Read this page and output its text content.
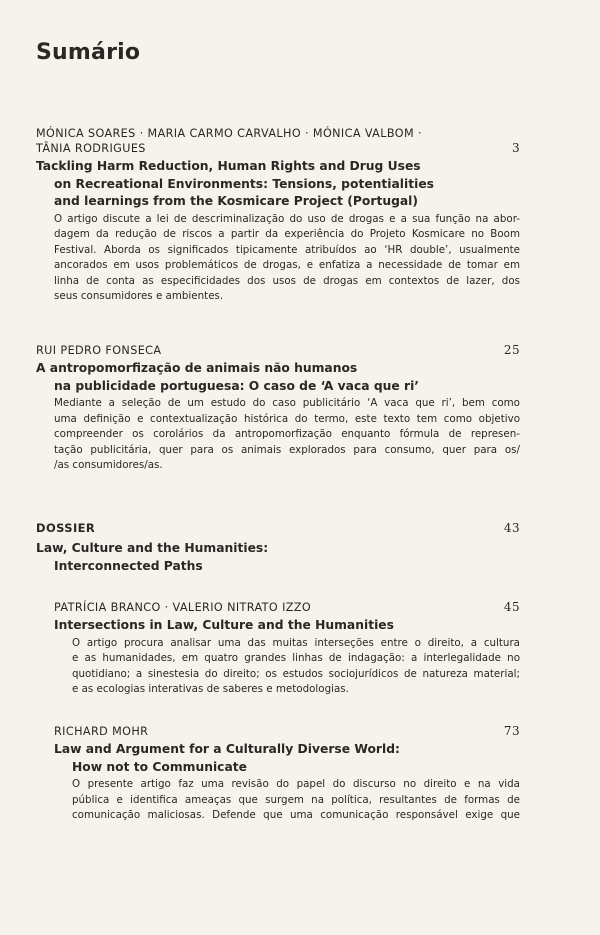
Sumário
MÓNICA SOARES · MARIA CARMO CARVALHO · MÓNICA VALBOM ·
TÂNIA RODRIGUES	3
Tackling Harm Reduction, Human Rights and Drug Uses
on Recreational Environments: Tensions, potentialities
and learnings from the Kosmicare Project (Portugal)
O artigo discute a lei de descriminalização do uso de drogas e a sua função na abor-
dagem da redução de riscos a partir da experiência do Projeto Kosmicare no Boom
Festival. Aborda os significados tipicamente atribuídos ao ‘HR double’, usualmente
ancorados em usos problemáticos de drogas, e enfatiza a necessidade de tomar em
linha de conta as especificidades dos usos de drogas em contextos de lazer, dos
seus consumidores e ambientes.
RUI PEDRO FONSECA	25
A antropomorfização de animais não humanos
na publicidade portuguesa: O caso de ‘A vaca que ri’
Mediante a seleção de um estudo do caso publicitário ‘A vaca que ri’, bem como
uma definição e contextualização histórica do termo, este texto tem como objetivo
compreender os corolários da antropomorfização enquanto fórmula de represen-
tação publicitária, quer para os animais explorados para consumo, quer para os/
/as consumidores/as.
DOSSIER	43
Law, Culture and the Humanities:
Interconnected Paths
PATRÍCIA BRANCO · VALERIO NITRATO IZZO	45
Intersections in Law, Culture and the Humanities
O artigo procura analisar uma das muitas interseções entre o direito, a cultura
e as humanidades, em quatro grandes linhas de indagação: a interlegalidade no
quotidiano; a sinestesia do direito; os estudos sociojurídicos de natureza material;
e as ecologias interativas de saberes e metodologias.
RICHARD MOHR	73
Law and Argument for a Culturally Diverse World:
How not to Communicate
O presente artigo faz uma revisão do papel do discurso no direito e na vida
pública e identifica ameaças que surgem na política, resultantes de formas de
comunicação maliciosas. Defende que uma comunicação responsável exige que
